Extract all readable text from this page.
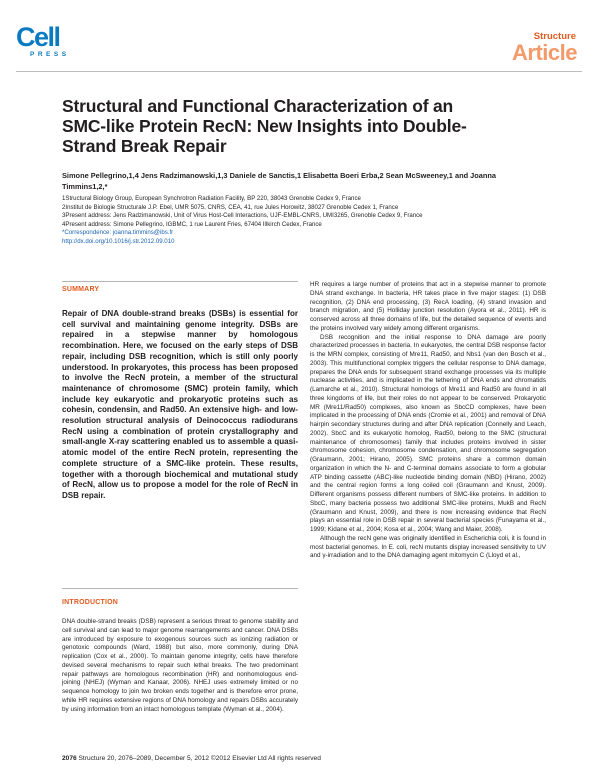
Cell
PRESS
Structure
Article
Structural and Functional Characterization of an SMC-like Protein RecN: New Insights into Double-Strand Break Repair
Simone Pellegrino,1,4 Jens Radzimanowski,1,3 Daniele de Sanctis,1 Elisabetta Boeri Erba,2 Sean McSweeney,1 and Joanna Timmins1,2,*
1Structural Biology Group, European Synchrotron Radiation Facility, BP 220, 38043 Grenoble Cedex 9, France
2Institut de Biologie Structurale J.P. Ebel, UMR 5075, CNRS, CEA, 41, rue Jules Horowitz, 38027 Grenoble Cedex 1, France
3Present address: Jens Radzimanowski, Unit of Virus Host-Cell Interactions, UJF-EMBL-CNRS, UMI3265, Grenoble Cedex 9, France
4Present address: Simone Pellegrino, IGBMC, 1 rue Laurent Fries, 67404 Illkirch Cedex, France
*Correspondence: joanna.timmins@ibs.fr
http://dx.doi.org/10.1016/j.str.2012.09.010
SUMMARY
Repair of DNA double-strand breaks (DSBs) is essential for cell survival and maintaining genome integrity. DSBs are repaired in a stepwise manner by homologous recombination. Here, we focused on the early steps of DSB repair, including DSB recognition, which is still only poorly understood. In prokaryotes, this process has been proposed to involve the RecN protein, a member of the structural maintenance of chromosome (SMC) protein family, which include key eukaryotic and prokaryotic proteins such as cohesin, condensin, and Rad50. An extensive high- and low-resolution structural analysis of Deinococcus radiodurans RecN using a combination of protein crystallography and small-angle X-ray scattering enabled us to assemble a quasi-atomic model of the entire RecN protein, representing the complete structure of a SMC-like protein. These results, together with a thorough biochemical and mutational study of RecN, allow us to propose a model for the role of RecN in DSB repair.
INTRODUCTION

DNA double-strand breaks (DSB) represent a serious threat to genome stability and cell survival and can lead to major genome rearrangements and cancer. DNA DSBs are introduced by exposure to exogenous sources such as ionizing radiation or genotoxic compounds (Ward, 1988) but also, more commonly, during DNA replication (Cox et al., 2000). To maintain genome integrity, cells have therefore devised several mechanisms to repair such lethal breaks. The two predominant repair pathways are homologous recombination (HR) and nonhomologous end-joining (NHEJ) (Wyman and Kanaar, 2006). NHEJ uses extremely limited or no sequence homology to join two broken ends together and is therefore error prone, while HR requires extensive regions of DNA homology and repairs DSBs accurately by using information from an intact homologous template (Wyman et al., 2004).

HR requires a large number of proteins that act in a stepwise manner to promote DNA strand exchange. In bacteria, HR takes place in five major stages: (1) DSB recognition, (2) DNA end processing, (3) RecA loading, (4) strand invasion and branch migration, and (5) Holliday junction resolution (Ayora et al., 2011). HR is conserved across all three domains of life, but the detailed sequence of events and the proteins involved vary widely among different organisms.

DSB recognition and the initial response to DNA damage are poorly characterized processes in bacteria. In eukaryotes, the central DSB response factor is the MRN complex, consisting of Mre11, Rad50, and Nbs1 (van den Bosch et al., 2003). This multifunctional complex triggers the cellular response to DNA damage, prepares the DNA ends for subsequent strand exchange processes via its multiple nuclease activities, and is implicated in the tethering of DNA ends and chromatids (Lamarche et al., 2010). Structural homologs of Mre11 and Rad50 are found in all three kingdoms of life, but their roles do not appear to be conserved. Prokaryotic MR (Mre11/Rad50) complexes, also known as SbcCD complexes, have been implicated in the processing of DNA ends (Cromie et al., 2001) and removal of DNA hairpin secondary structures during and after DNA replication (Connelly and Leach, 2002). SbcC and its eukaryotic homolog, Rad50, belong to the SMC (structural maintenance of chromosomes) family that includes proteins involved in sister chromosome cohesion, chromosome condensation, and chromosome segregation (Graumann, 2001; Hirano, 2005). SMC proteins share a common domain organization in which the N- and C-terminal domains associate to form a globular ATP binding cassette (ABC)-like nucleotide binding domain (NBD) (Hirano, 2002) and the central region forms a long coiled coil (Graumann and Knust, 2009). Different organisms possess different numbers of SMC-like proteins. In addition to SbcC, many bacteria possess two additional SMC-like proteins, MukB and RecN (Graumann and Knust, 2009), and there is now increasing evidence that RecN plays an essential role in DSB repair in several bacterial species (Funayama et al., 1999; Kidane et al., 2004; Kosa et al., 2004; Wang and Maier, 2008).

Although the recN gene was originally identified in Escherichia coli, it is found in most bacterial genomes. In E. coli, recN mutants display increased sensitivity to UV and γ-irradiation and to the DNA damaging agent mitomycin C (Lloyd et al.,

2076 Structure 20, 2076–2089, December 5, 2012 ©2012 Elsevier Ltd All rights reserved
